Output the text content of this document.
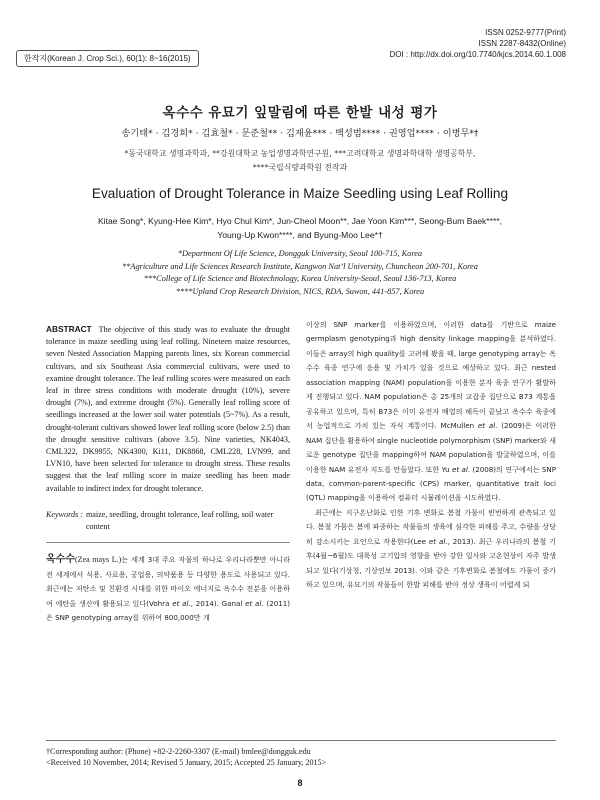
한작지(Korean J. Crop Sci.), 60(1): 8~16(2015)
ISSN 0252-9777(Print)
ISSN 2287-8432(Online)
DOI : http://dx.doi.org/10.7740/kjcs.2014.60.1.008
옥수수 유묘기 잎말림에 따른 한발 내성 평가
송기태* · 김경희* · 김효철* · 문준철** · 김재윤*** · 백성범**** · 권영업**** · 이병무*†
*동국대학교 생명과학과, **강원대학교 농업생명과학연구원, ***고려대학교 생명과학대학 생명공학부,
****국립식량과학원 전작과
Evaluation of Drought Tolerance in Maize Seedling using Leaf Rolling
Kitae Song*, Kyung-Hee Kim*, Hyo Chul Kim*, Jun-Cheol Moon**, Jae Yoon Kim***, Seong-Bum Baek****,
Young-Up Kwon****, and Byung-Moo Lee*†
*Department Of Life Science, Dongguk University, Seoul 100-715, Korea
**Agriculture and Life Sciences Research Institute, Kangwon Nat’l University, Chuncheon 200-701, Korea
***College of Life Science and Biotechnology, Korea University-Seoul, Seoul 136-713, Korea
****Upland Crop Research Division, NICS, RDA, Suwon, 441-857, Korea
ABSTRACT The objective of this study was to evaluate the drought tolerance in maize seedling using leaf rolling. Nineteen maize resources, seven Nested Association Mapping parents lines, six Korean commercial cultivars, and six Southeast Asia commercial cultivars, were used to examine drought tolerance. The leaf rolling scores were measured on each leaf in three stress conditions with moderate drought (10%), severe drought (7%), and extreme drought (5%). Generally leaf rolling score of seedlings increased at the lower soil water potentials (5~7%). As a result, drought-tolerant cultivars showed lower leaf rolling score (below 2.5) than the drought sensitive cultivars (above 3.5). Nine varieties, NK4043, CML322, DK9955, NK4300, Ki11, DK8868, CML228, LVN99, and LVN10, have been selected for tolerance to drought stress. These results suggest that the leaf rolling score in maize seedling has been made available to indirect index for drought tolerance.
Keywords : maize, seedling, drought tolerance, leaf rolling, soil water content
옥수수(Zea mays L.)는 세계 3대 주요 작물의 하나로 우리나라뿐만 아니라 전 세계에서 식용, 사료용, 공업용, 의약품용 등 다양한 용도로 사용되고 있다. 최근에는 저탄소 및 친환경 시대를 위한 바이오 에너지로 옥수수 전분을 이용하여 에탄올 생산에 활용되고 있다(Vohra et al., 2014). Ganal et al. (2011)은 SNP genotyping array를 위하여 800,000만 개
이상의 SNP marker를 이용하였으며, 이러한 data를 기반으로 maize germplasm genotyping과 high density linkage mapping을 분석하였다. 이들은 array의 high quality를 고려해 봤을 때, large genotyping array는 옥수수 육종 연구에 응용 및 가치가 있을 것으로 예상하고 있다. 최근 nested association mapping (NAM) population을 이용한 분자 육종 연구가 활발하게 진행되고 있다. NAM population은 총 25개의 교잡종 집단으로 B73 계통을 공유하고 있으며, 특히 B73은 이미 유전자 배열의 해독이 끝났고 옥수수 육종에서 농업적으로 가치 있는 자식 계통이다. McMullen et al. (2009)은 이러한 NAM 집단을 활용하여 single nucleotide polymorphism (SNP) marker와 새로운 genotype 집단을 mapping하여 NAM population을 발굴하였으며, 이를 이용한 NAM 유전자 지도를 만들었다. 또한 Yu et al. (2008)의 연구에서는 SNP data, common-parent-specific (CPS) marker, quantitative trait loci (QTL) mapping을 이용하여 컴퓨터 시뮬레이션을 시도하였다.
최근에는 지구온난화로 인한 기후 변화로 봄철 가뭄이 빈번하게 관측되고 있다. 봄철 가뭄은 봄에 파종하는 작물들의 생육에 심각한 피해를 주고, 수량을 상당히 감소시키는 요인으로 작용한다(Lee et al., 2013). 최근 우리나라의 봄철 기후(4월~6월)도 대륙성 고기압의 영향을 받아 강한 일사와 고온현상이 자주 발생되고 있다(기상청, 기상연보 2013). 이와 같은 기후변화로 봄철에도 가뭄이 증가하고 있으며, 유묘기의 작물들이 한발 피해를 받아 정상 생육이 어렵게 되
†Corresponding author: (Phone) +82-2-2260-3307 (E-mail) bmlee@dongguk.edu
<Received 10 November, 2014; Revised 5 January, 2015; Accepted 25 January, 2015>
8
